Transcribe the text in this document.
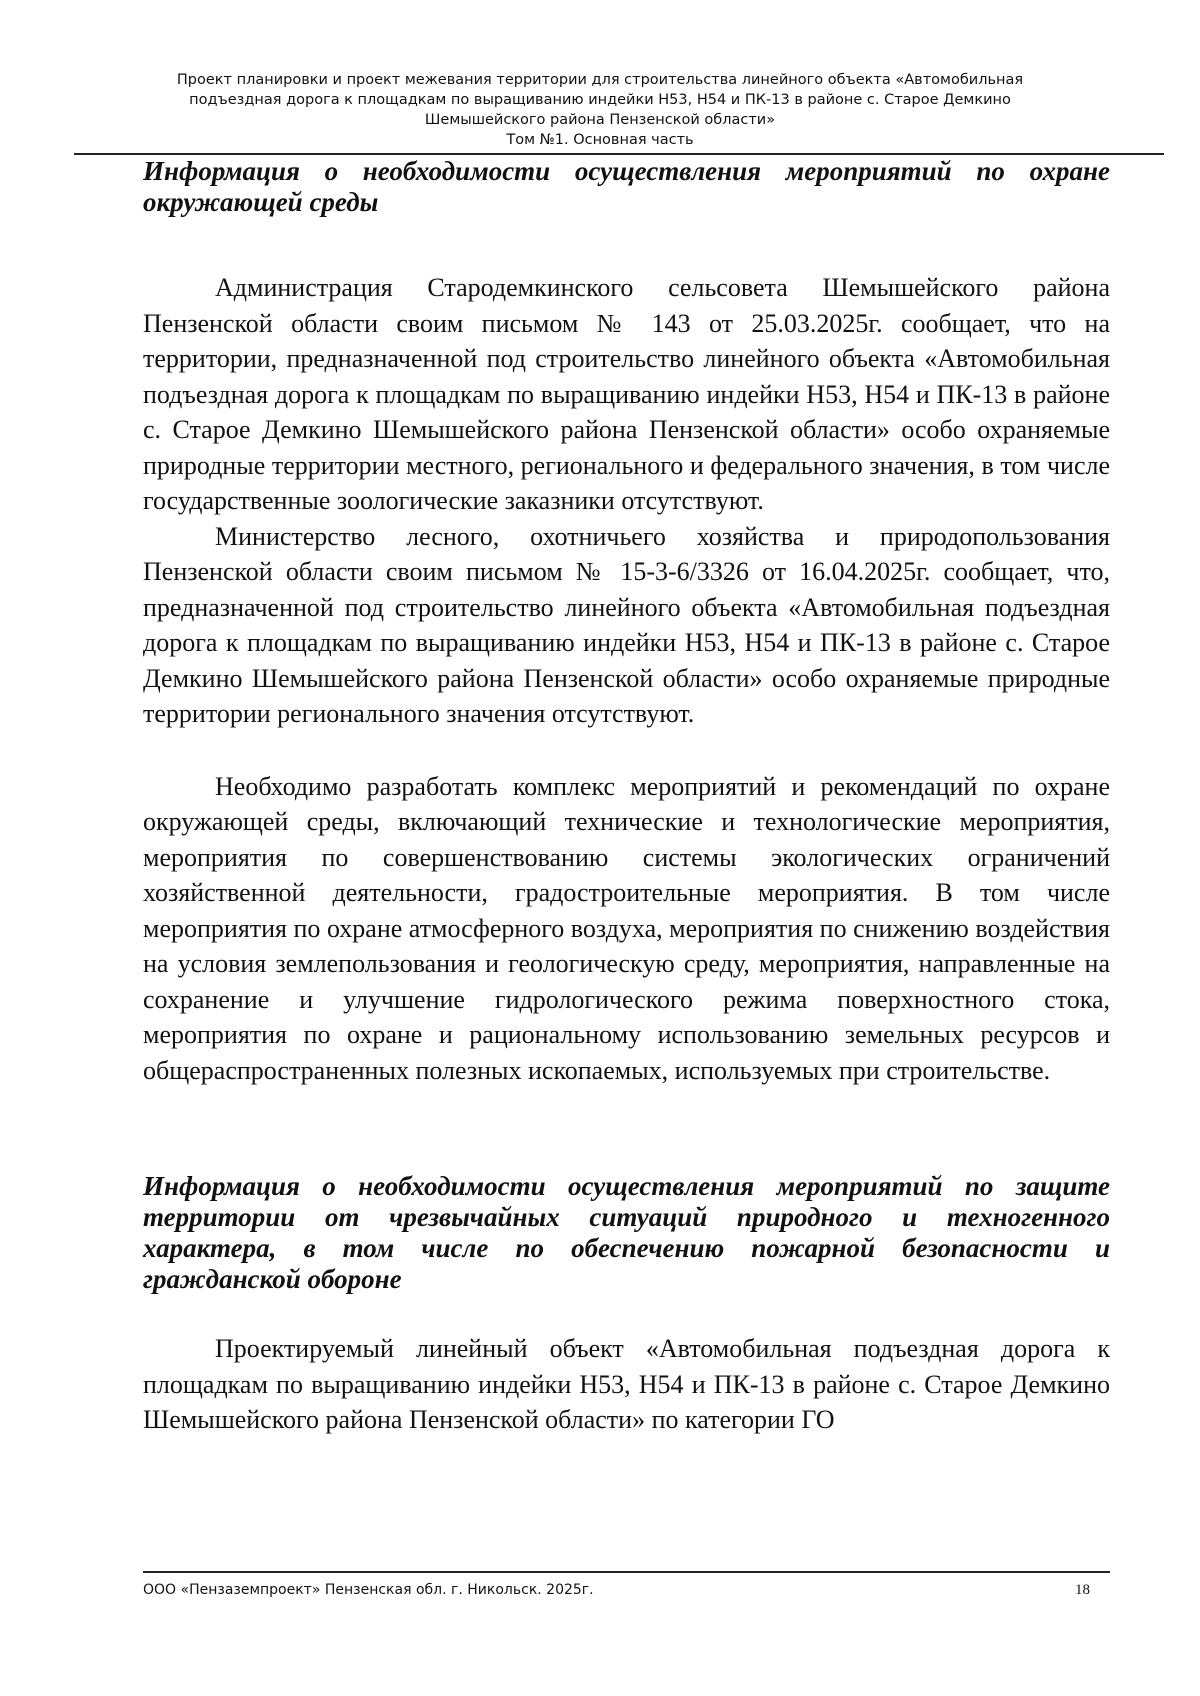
Проект планировки и проект межевания территории для строительства линейного объекта «Автомобильная
подъездная дорога к площадкам по выращиванию индейки Н53, Н54 и ПК-13 в районе с. Старое Демкино
Шемышейского района Пензенской области»
Том №1. Основная часть

Информация о необходимости осуществления мероприятий по охране окружающей среды

Администрация Стародемкинского сельсовета Шемышейского района Пензенской области своим письмом № 143 от 25.03.2025г. сообщает, что на территории, предназначенной под строительство линейного объекта «Автомобильная подъездная дорога к площадкам по выращиванию индейки Н53, Н54 и ПК-13 в районе с. Старое Демкино Шемышейского района Пензенской области» особо охраняемые природные территории местного, регионального и федерального значения, в том числе государственные зоологические заказники отсутствуют.

Министерство лесного, охотничьего хозяйства и природопользования Пензенской области своим письмом № 15-3-6/3326 от 16.04.2025г. сообщает, что, предназначенной под строительство линейного объекта «Автомобильная подъездная дорога к площадкам по выращиванию индейки Н53, Н54 и ПК-13 в районе с. Старое Демкино Шемышейского района Пензенской области» особо охраняемые природные территории регионального значения отсутствуют.

Необходимо разработать комплекс мероприятий и рекомендаций по охране окружающей среды, включающий технические и технологические мероприятия, мероприятия по совершенствованию системы экологических ограничений хозяйственной деятельности, градостроительные мероприятия. В том числе мероприятия по охране атмосферного воздуха, мероприятия по снижению воздействия на условия землепользования и геологическую среду, мероприятия, направленные на сохранение и улучшение гидрологического режима поверхностного стока, мероприятия по охране и рациональному использованию земельных ресурсов и общераспространенных полезных ископаемых, используемых при строительстве.

Информация о необходимости осуществления мероприятий по защите территории от чрезвычайных ситуаций природного и техногенного характера, в том числе по обеспечению пожарной безопасности и гражданской обороне

Проектируемый линейный объект «Автомобильная подъездная дорога к площадкам по выращиванию индейки Н53, Н54 и ПК-13 в районе с. Старое Демкино Шемышейского района Пензенской области» по категории ГО

ООО «Пензаземпроект» Пензенская обл. г. Никольск. 2025г.	18
